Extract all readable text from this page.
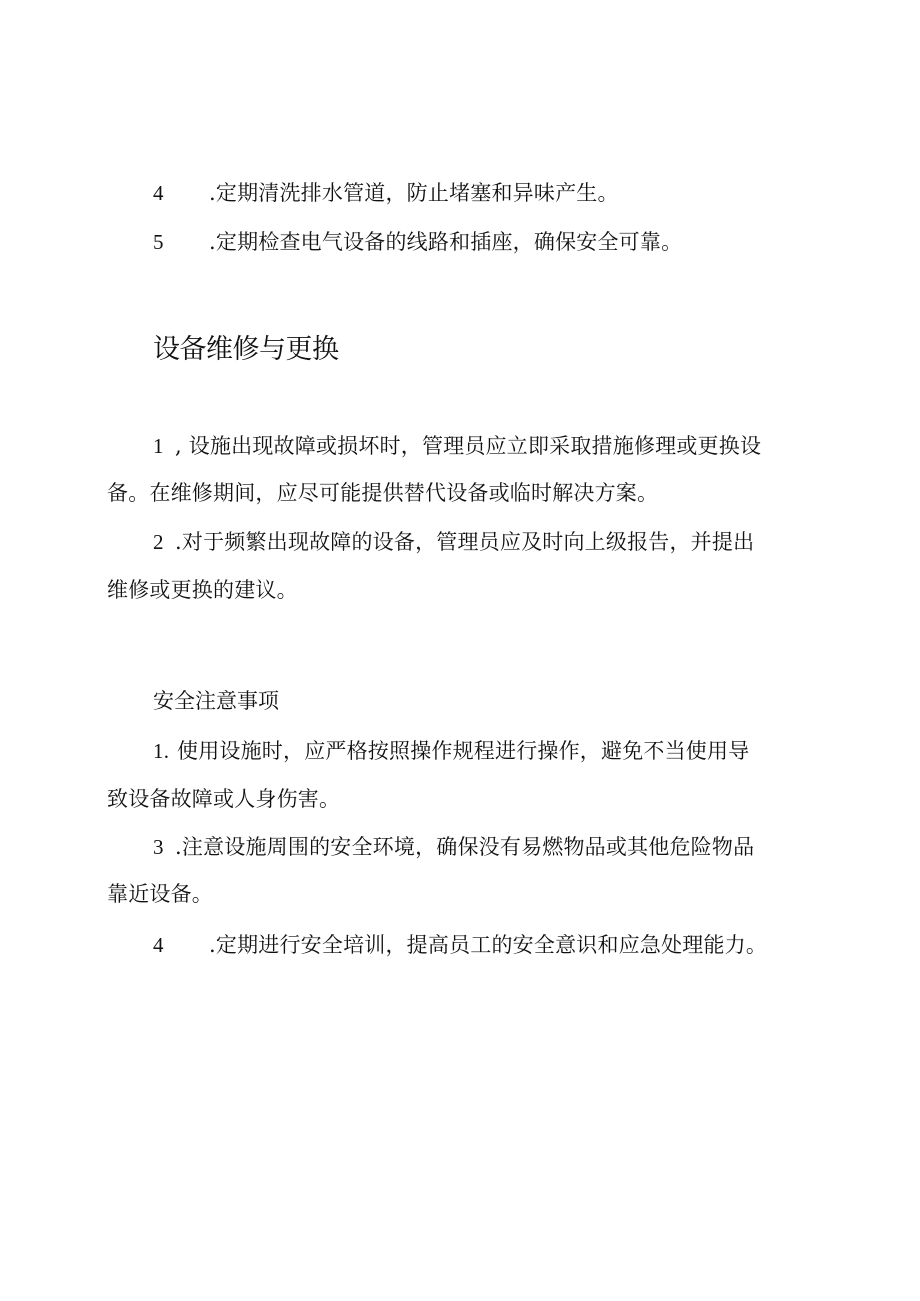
4 .定期清洗排水管道，防止堵塞和异味产生。
5 .定期检查电气设备的线路和插座，确保安全可靠。
设备维修与更换
1 , 设施出现故障或损坏时，管理员应立即采取措施修理或更换设
备。在维修期间，应尽可能提供替代设备或临时解决方案。
2 .对于频繁出现故障的设备，管理员应及时向上级报告，并提出
维修或更换的建议。
安全注意事项
1. 使用设施时，应严格按照操作规程进行操作，避免不当使用导
致设备故障或人身伤害。
3 .注意设施周围的安全环境，确保没有易燃物品或其他危险物品
靠近设备。
4 .定期进行安全培训，提高员工的安全意识和应急处理能力。
